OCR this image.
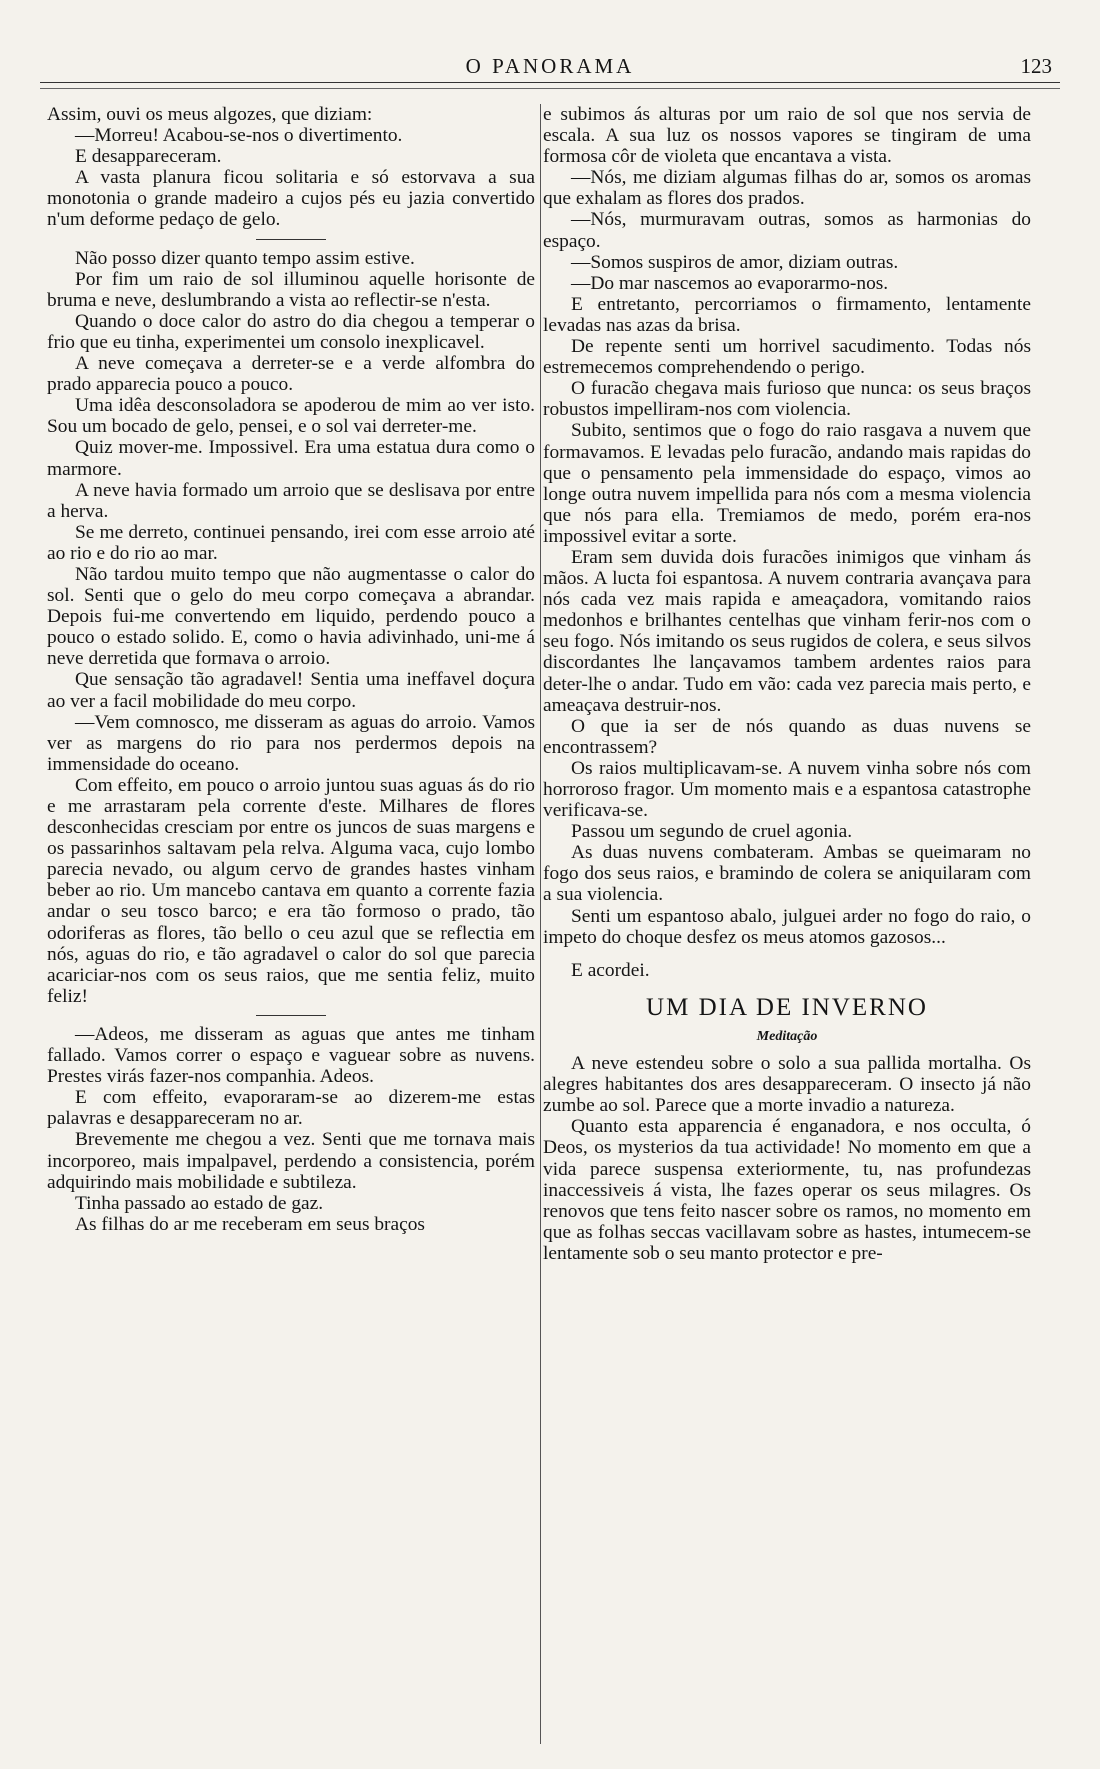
O PANORAMA	123

Assim, ouvi os meus algozes, que diziam:

—Morreu! Acabou-se-nos o divertimento.

E desappareceram.

A vasta planura ficou solitaria e só estorvava a sua monotonia o grande madeiro a cujos pés eu jazia convertido n'um deforme pedaço de gelo.

Não posso dizer quanto tempo assim estive.

Por fim um raio de sol illuminou aquelle horisonte de bruma e neve, deslumbrando a vista ao reflectir-se n'esta.

Quando o doce calor do astro do dia chegou a temperar o frio que eu tinha, experimentei um consolo inexplicavel.

A neve começava a derreter-se e a verde alfombra do prado apparecia pouco a pouco.

Uma idêa desconsoladora se apoderou de mim ao ver isto. Sou um bocado de gelo, pensei, e o sol vai derreter-me.

Quiz mover-me. Impossivel. Era uma estatua dura como o marmore.

A neve havia formado um arroio que se deslisava por entre a herva.

Se me derreto, continuei pensando, irei com esse arroio até ao rio e do rio ao mar.

Não tardou muito tempo que não augmentasse o calor do sol. Senti que o gelo do meu corpo começava a abrandar. Depois fui-me convertendo em liquido, perdendo pouco a pouco o estado solido. E, como o havia adivinhado, uni-me á neve derretida que formava o arroio.

Que sensação tão agradavel! Sentia uma ineffavel doçura ao ver a facil mobilidade do meu corpo.

—Vem comnosco, me disseram as aguas do arroio. Vamos ver as margens do rio para nos perdermos depois na immensidade do oceano.

Com effeito, em pouco o arroio juntou suas aguas ás do rio e me arrastaram pela corrente d'este. Milhares de flores desconhecidas cresciam por entre os juncos de suas margens e os passarinhos saltavam pela relva. Alguma vaca, cujo lombo parecia nevado, ou algum cervo de grandes hastes vinham beber ao rio. Um mancebo cantava em quanto a corrente fazia andar o seu tosco barco; e era tão formoso o prado, tão odoriferas as flores, tão bello o ceu azul que se reflectia em nós, aguas do rio, e tão agradavel o calor do sol que parecia acariciar-nos com os seus raios, que me sentia feliz, muito feliz!

—Adeos, me disseram as aguas que antes me tinham fallado. Vamos correr o espaço e vaguear sobre as nuvens. Prestes virás fazer-nos companhia. Adeos.

E com effeito, evaporaram-se ao dizerem-me estas palavras e desappareceram no ar.

Brevemente me chegou a vez. Senti que me tornava mais incorporeo, mais impalpavel, perdendo a consistencia, porém adquirindo mais mobilidade e subtileza.

Tinha passado ao estado de gaz.

As filhas do ar me receberam em seus braços

e subimos ás alturas por um raio de sol que nos servia de escala. A sua luz os nossos vapores se tingiram de uma formosa côr de violeta que encantava a vista.

—Nós, me diziam algumas filhas do ar, somos os aromas que exhalam as flores dos prados.

—Nós, murmuravam outras, somos as harmonias do espaço.

—Somos suspiros de amor, diziam outras.

—Do mar nascemos ao evaporarmo-nos.

E entretanto, percorriamos o firmamento, lentamente levadas nas azas da brisa.

De repente senti um horrivel sacudimento. Todas nós estremecemos comprehendendo o perigo.

O furacão chegava mais furioso que nunca: os seus braços robustos impelliram-nos com violencia.

Subito, sentimos que o fogo do raio rasgava a nuvem que formavamos. E levadas pelo furacão, andando mais rapidas do que o pensamento pela immensidade do espaço, vimos ao longe outra nuvem impellida para nós com a mesma violencia que nós para ella. Tremiamos de medo, porém era-nos impossivel evitar a sorte.

Eram sem duvida dois furacões inimigos que vinham ás mãos. A lucta foi espantosa. A nuvem contraria avançava para nós cada vez mais rapida e ameaçadora, vomitando raios medonhos e brilhantes centelhas que vinham ferir-nos com o seu fogo. Nós imitando os seus rugidos de colera, e seus silvos discordantes lhe lançavamos tambem ardentes raios para deter-lhe o andar. Tudo em vão: cada vez parecia mais perto, e ameaçava destruir-nos.

O que ia ser de nós quando as duas nuvens se encontrassem?

Os raios multiplicavam-se. A nuvem vinha sobre nós com horroroso fragor. Um momento mais e a espantosa catastrophe verificava-se.

Passou um segundo de cruel agonia.

As duas nuvens combateram. Ambas se queimaram no fogo dos seus raios, e bramindo de colera se aniquilaram com a sua violencia.

Senti um espantoso abalo, julguei arder no fogo do raio, o impeto do choque desfez os meus atomos gazosos...

E acordei.

UM DIA DE INVERNO
Meditação

A neve estendeu sobre o solo a sua pallida mortalha. Os alegres habitantes dos ares desappareceram. O insecto já não zumbe ao sol. Parece que a morte invadio a natureza.

Quanto esta apparencia é enganadora, e nos occulta, ó Deos, os mysterios da tua actividade! No momento em que a vida parece suspensa exteriormente, tu, nas profundezas inaccessiveis á vista, lhe fazes operar os seus milagres. Os renovos que tens feito nascer sobre os ramos, no momento em que as folhas seccas vacillavam sobre as hastes, intumecem-se lentamente sob o seu manto protector e pre-
